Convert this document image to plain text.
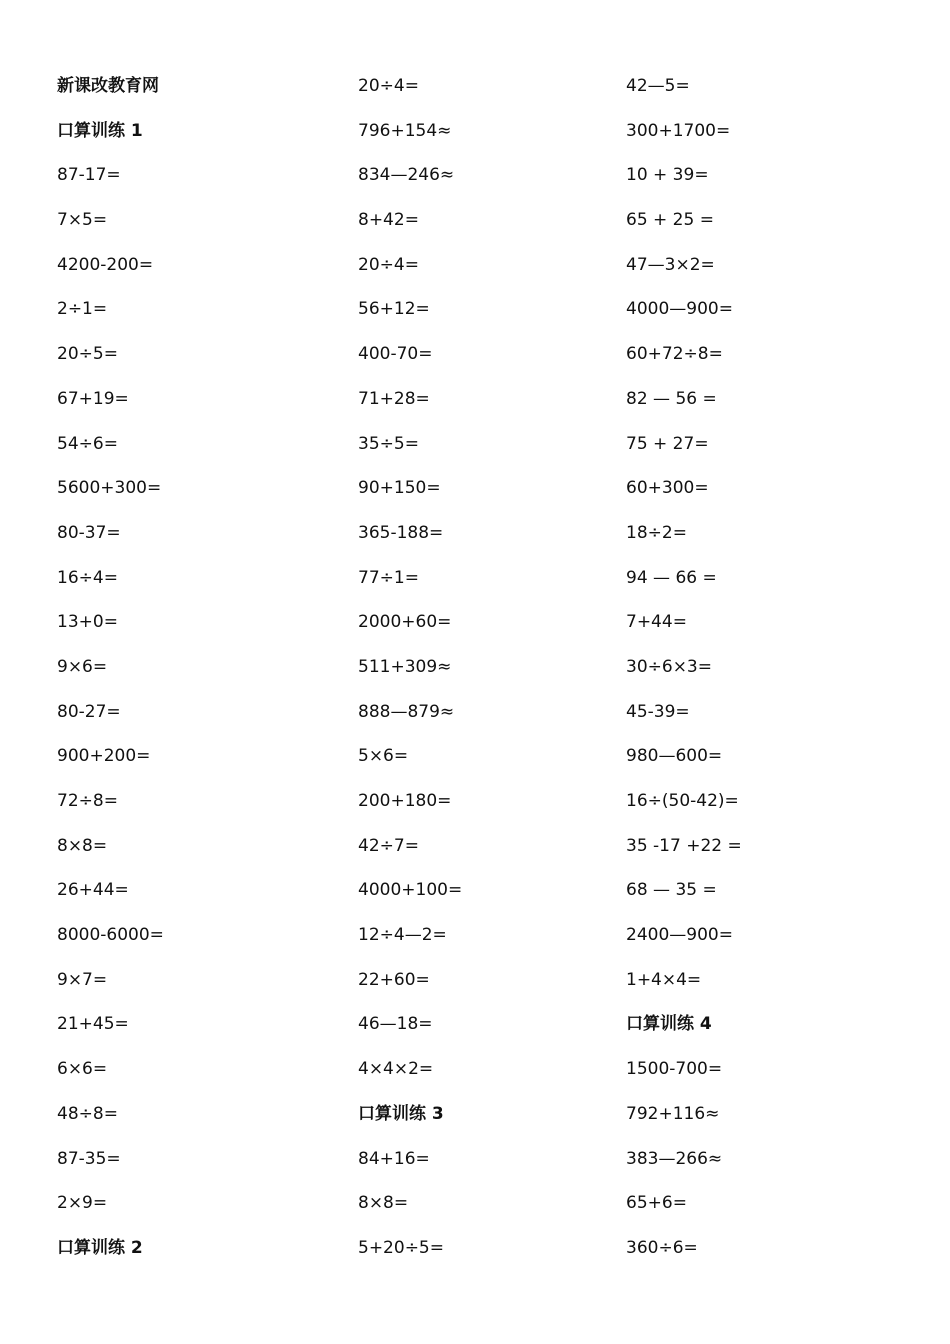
新课改教育网
口算训练 1
87-17=
7×5=
4200-200=
2÷1=
20÷5=
67+19=
54÷6=
5600+300=
80-37=
16÷4=
13+0=
9×6=
80-27=
900+200=
72÷8=
8×8=
26+44=
8000-6000=
9×7=
21+45=
6×6=
48÷8=
87-35=
2×9=
口算训练 2
20÷4=
796+154≈
834—246≈
8+42=
20÷4=
56+12=
400-70=
71+28=
35÷5=
90+150=
365-188=
77÷1=
2000+60=
511+309≈
888—879≈
5×6=
200+180=
42÷7=
4000+100=
12÷4—2=
22+60=
46—18=
4×4×2=
口算训练 3
84+16=
8×8=
5+20÷5=
42—5=
300+1700=
10 + 39=
65 + 25 =
47—3×2=
4000—900=
60+72÷8=
82 — 56 =
75 + 27=
60+300=
18÷2=
94 — 66 =
7+44=
30÷6×3=
45-39=
980—600=
16÷(50-42)=
35 -17 +22 =
68 — 35 =
2400—900=
1+4×4=
口算训练 4
1500-700=
792+116≈
383—266≈
65+6=
360÷6=
